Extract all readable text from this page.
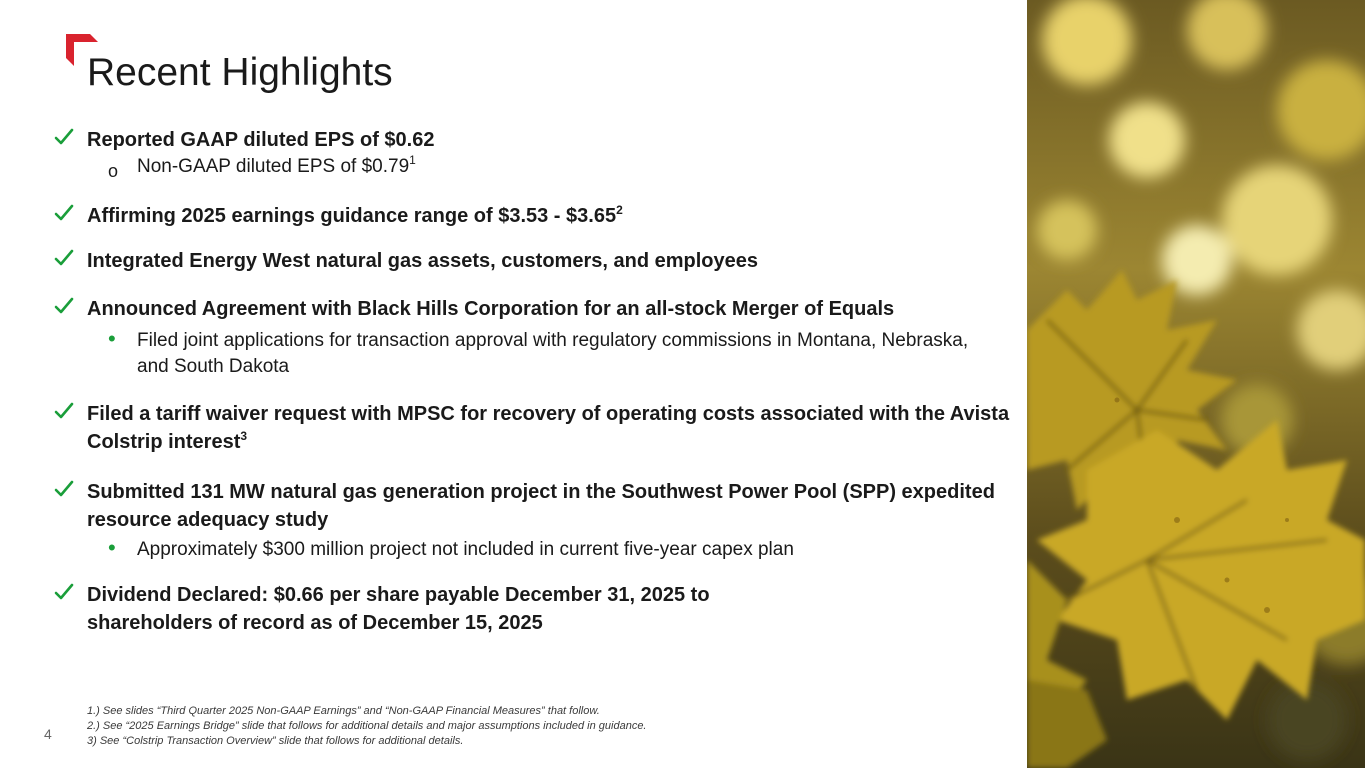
Recent Highlights
Reported GAAP diluted EPS of $0.62
o Non-GAAP diluted EPS of $0.79$^1$
Affirming 2025 earnings guidance range of $3.53 - $3.65$^2$
Integrated Energy West natural gas assets, customers, and employees
Announced Agreement with Black Hills Corporation for an all-stock Merger of Equals
• Filed joint applications for transaction approval with regulatory commissions in Montana, Nebraska, and South Dakota
Filed a tariff waiver request with MPSC for recovery of operating costs associated with the Avista Colstrip interest$^3$
Submitted 131 MW natural gas generation project in the Southwest Power Pool (SPP) expedited resource adequacy study
• Approximately $300 million project not included in current five-year capex plan
Dividend Declared: $0.66 per share payable December 31, 2025 to shareholders of record as of December 15, 2025
1.) See slides “Third Quarter 2025 Non-GAAP Earnings” and “Non-GAAP Financial Measures” that follow.
2.) See “2025 Earnings Bridge” slide that follows for additional details and major assumptions included in guidance.
3) See “Colstrip Transaction Overview” slide that follows for additional details.
4
